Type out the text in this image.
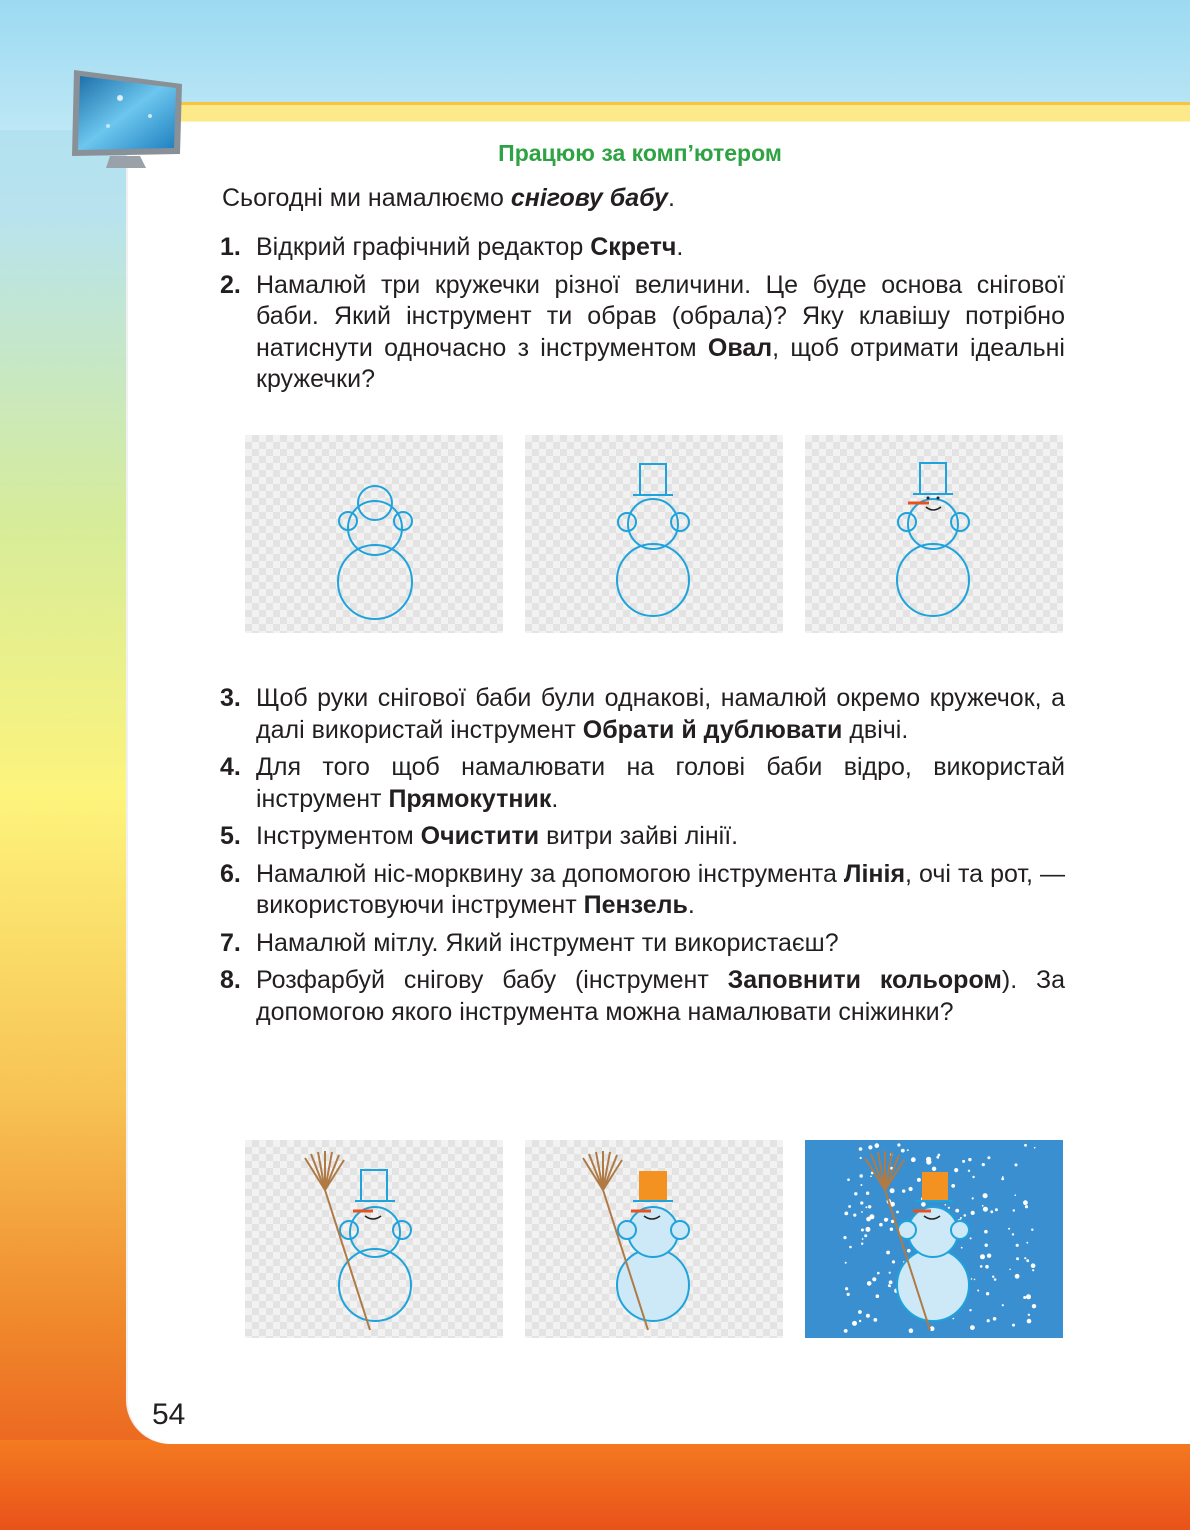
Працюю за комп’ютером
Сьогодні ми намалюємо снігову бабу.
1. Відкрий графічний редактор Скретч.
2. Намалюй три кружечки різної величини. Це буде основа снігової баби. Який інструмент ти обрав (обрала)? Яку клавішу потрібно натиснути одночасно з інструментом Овал, щоб отримати ідеальні кружечки?
3. Щоб руки снігової баби були однакові, намалюй окремо кружечок, а далі використай інструмент Обрати й дублювати двічі.
4. Для того щоб намалювати на голові баби відро, використай інструмент Прямокутник.
5. Інструментом Очистити витри зайві лінії.
6. Намалюй ніс-морквину за допомогою інструмента Лінія, очі та рот, — використовуючи інструмент Пензель.
7. Намалюй мітлу. Який інструмент ти використаєш?
8. Розфарбуй снігову бабу (інструмент Заповнити кольором). За допомогою якого інструмента можна намалювати сніжинки?
54
